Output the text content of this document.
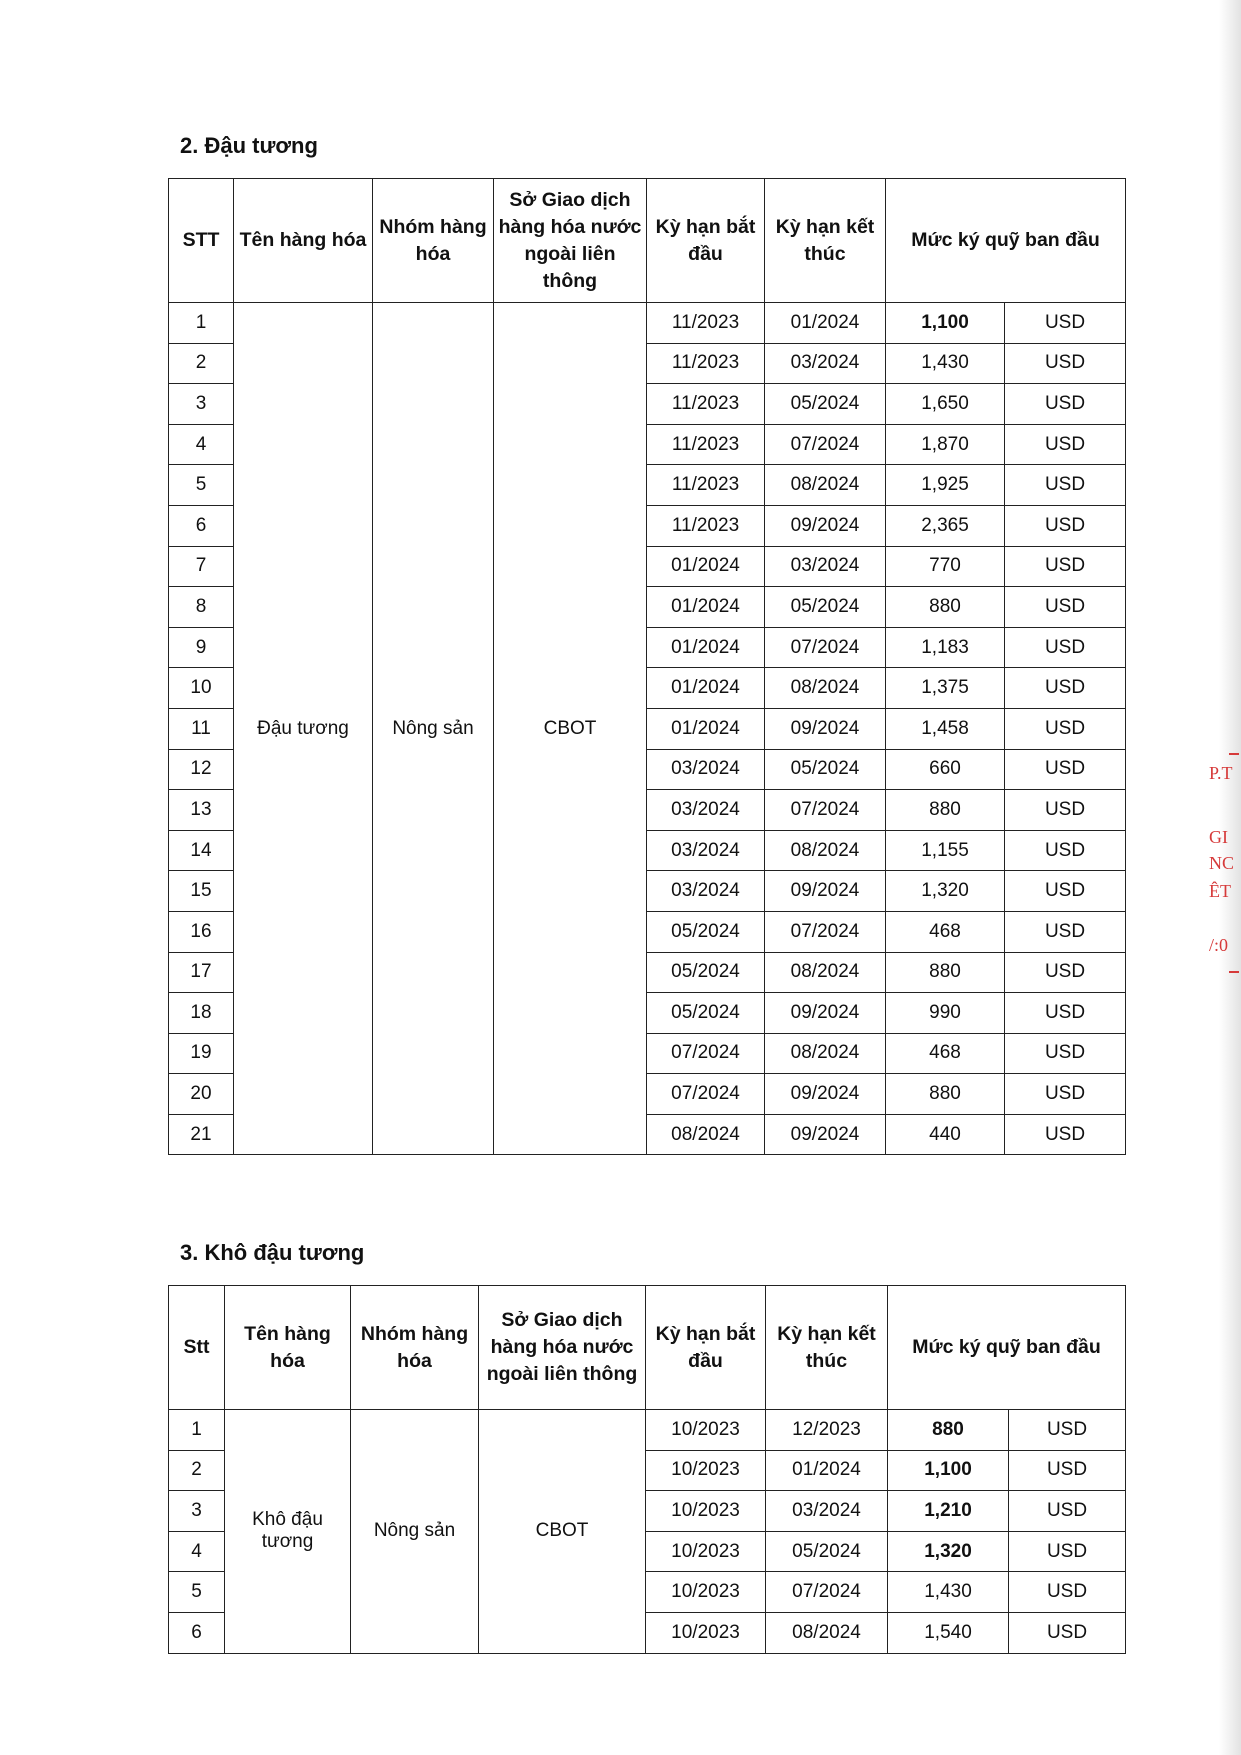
2. Đậu tương
STT	Tên hàng hóa	Nhóm hàng hóa	Sở Giao dịch hàng hóa nước ngoài liên thông	Kỳ hạn bắt đầu	Kỳ hạn kết thúc	Mức ký quỹ ban đầu	
1	Đậu tương	Nông sản	CBOT	11/2023	01/2024	1,100	USD
2				11/2023	03/2024	1,430	USD
3				11/2023	05/2024	1,650	USD
4				11/2023	07/2024	1,870	USD
5				11/2023	08/2024	1,925	USD
6				11/2023	09/2024	2,365	USD
7				01/2024	03/2024	770	USD
8				01/2024	05/2024	880	USD
9				01/2024	07/2024	1,183	USD
10				01/2024	08/2024	1,375	USD
11				01/2024	09/2024	1,458	USD
12				03/2024	05/2024	660	USD
13				03/2024	07/2024	880	USD
14				03/2024	08/2024	1,155	USD
15				03/2024	09/2024	1,320	USD
16				05/2024	07/2024	468	USD
17				05/2024	08/2024	880	USD
18				05/2024	09/2024	990	USD
19				07/2024	08/2024	468	USD
20				07/2024	09/2024	880	USD
21				08/2024	09/2024	440	USD
3. Khô đậu tương
Stt	Tên hàng hóa	Nhóm hàng hóa	Sở Giao dịch hàng hóa nước ngoài liên thông	Kỳ hạn bắt đầu	Kỳ hạn kết thúc	Mức ký quỹ ban đầu	
1	Khô đậu tương	Nông sản	CBOT	10/2023	12/2023	880	USD
2				10/2023	01/2024	1,100	USD
3				10/2023	03/2024	1,210	USD
4				10/2023	05/2024	1,320	USD
5				10/2023	07/2024	1,430	USD
6				10/2023	08/2024	1,540	USD
P.T
GI
NC
ÊT
/:0
